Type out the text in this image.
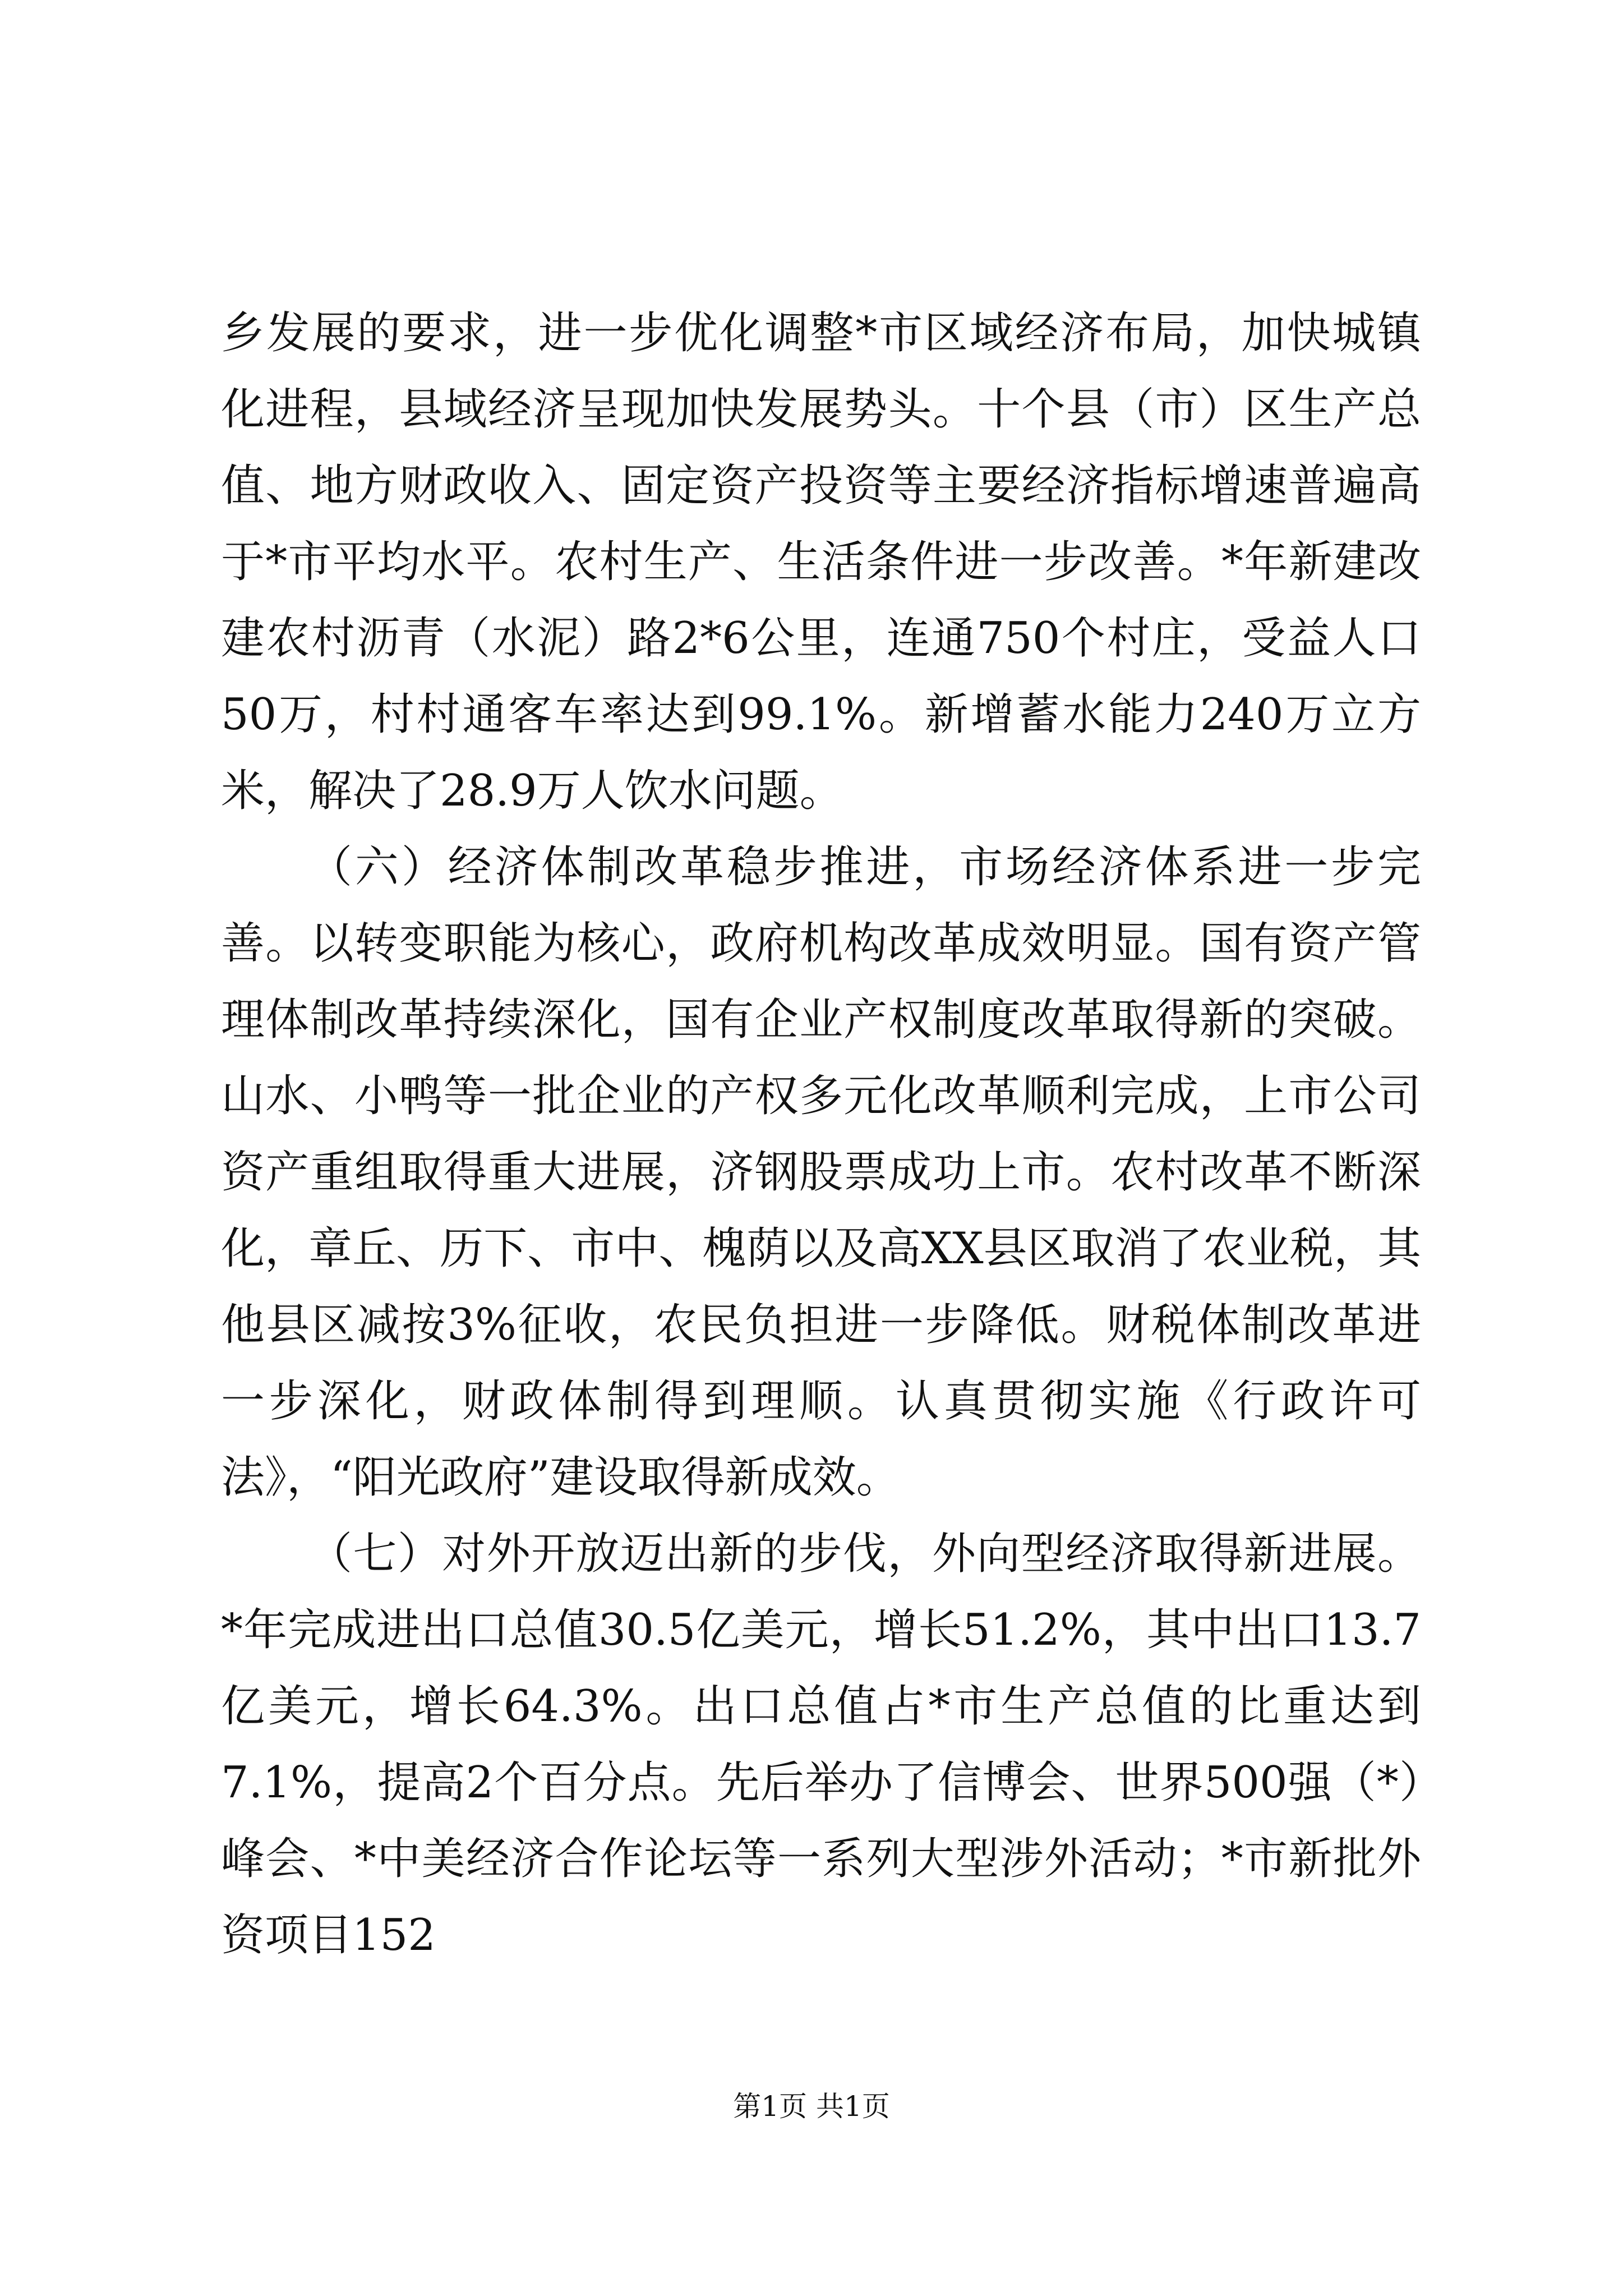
乡发展的要求，进一步优化调整*市区域经济布局，加快城镇化进程，县域经济呈现加快发展势头。十个县（市）区生产总值、地方财政收入、固定资产投资等主要经济指标增速普遍高于*市平均水平。农村生产、生活条件进一步改善。*年新建改建农村沥青（水泥）路2*6公里，连通750个村庄，受益人口50万，村村通客车率达到99.1%。新增蓄水能力240万立方米，解决了28.9万人饮水问题。

（六）经济体制改革稳步推进，市场经济体系进一步完善。以转变职能为核心，政府机构改革成效明显。国有资产管理体制改革持续深化，国有企业产权制度改革取得新的突破。山水、小鸭等一批企业的产权多元化改革顺利完成，上市公司资产重组取得重大进展，济钢股票成功上市。农村改革不断深化，章丘、历下、市中、槐荫以及高XX县区取消了农业税，其他县区减按3%征收，农民负担进一步降低。财税体制改革进一步深化，财政体制得到理顺。认真贯彻实施《行政许可法》，“阳光政府”建设取得新成效。

（七）对外开放迈出新的步伐，外向型经济取得新进展。*年完成进出口总值30.5亿美元，增长51.2%，其中出口13.7亿美元，增长64.3%。出口总值占*市生产总值的比重达到7.1%，提高2个百分点。先后举办了信博会、世界500强（*）峰会、*中美经济合作论坛等一系列大型涉外活动；*市新批外资项目152

第1页 共1页
